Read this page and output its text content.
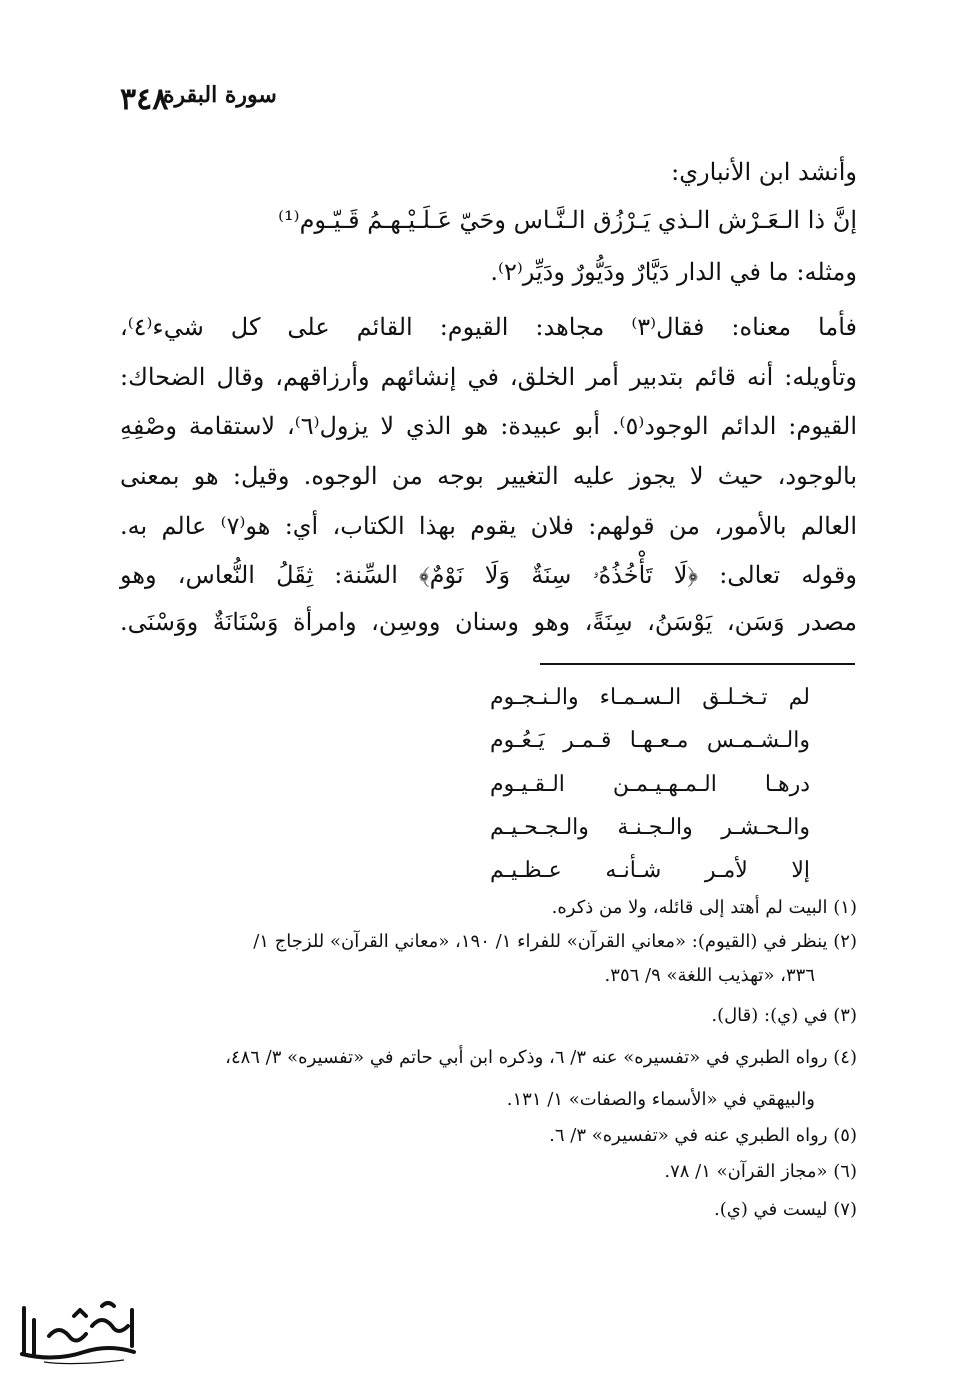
٣٤٨
سورة البقرة
وأنشد ابن الأنباري:
إنَّ ذا الـعَـرْش الـذي يَـرْزُق الـنَّـاس وحَيّ عَـلَـيْـهـمُ قَـيّـوم⁽¹⁾
ومثله: ما في الدار دَيَّارٌ ودَيُّورٌ ودَيِّر⁽٢⁾.
فأما معناه: فقال⁽٣⁾ مجاهد: القيوم: القائم على كل شيء⁽٤⁾،
وتأويله: أنه قائم بتدبير أمر الخلق، في إنشائهم وأرزاقهم، وقال الضحاك:
القيوم: الدائم الوجود⁽٥⁾. أبو عبيدة: هو الذي لا يزول⁽٦⁾، لاستقامة وصْفِهِ
بالوجود، حيث لا يجوز عليه التغيير بوجه من الوجوه. وقيل: هو بمعنى
العالم بالأمور، من قولهم: فلان يقوم بهذا الكتاب، أي: هو⁽٧⁾ عالم به.
وقوله تعالى: ﴿لَا تَأْخُذُهُۥ سِنَةٌ وَلَا نَوْمٌ﴾ السِّنة: ثِقَلُ النُّعاس، وهو
مصدر وَسَن، يَوْسَنُ، سِنَةً، وهو وسنان ووسِن، وامرأة وَسْنَانَةٌ ووَسْنَى.
لم تـخـلـق الـسـمـاء والـنـجـوم
والـشـمـس مـعـهـا قـمـر يَـعُـوم
درهـا الـمـهـيـمـن الـقـيـوم
والـحـشـر والـجـنـة والـجـحـيـم
إلا لأمـر شـأنـه عـظـيـم
(١) البيت لم أهتد إلى قائله، ولا من ذكره.
(٢) ينظر في (القيوم): «معاني القرآن» للفراء ١/ ١٩٠، «معاني القرآن» للزجاج ١/
٣٣٦، «تهذيب اللغة» ٩/ ٣٥٦.
(٣) في (ي): (قال).
(٤) رواه الطبري في «تفسيره» عنه ٣/ ٦، وذكره ابن أبي حاتم في «تفسيره» ٣/ ٤٨٦،
والبيهقي في «الأسماء والصفات» ١/ ١٣١.
(٥) رواه الطبري عنه في «تفسيره» ٣/ ٦.
(٦) «مجاز القرآن» ١/ ٧٨.
(٧) ليست في (ي).
